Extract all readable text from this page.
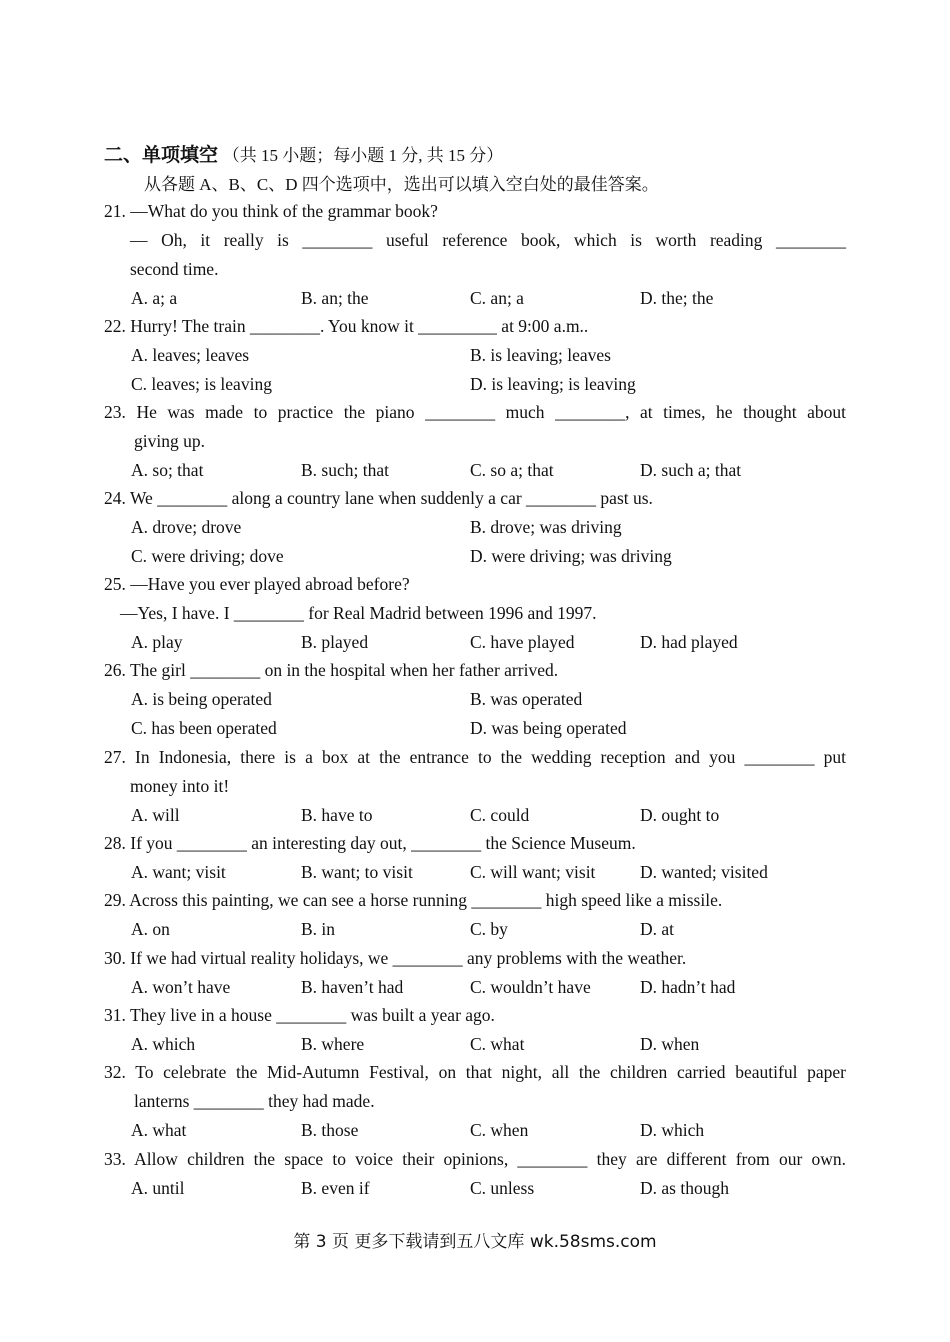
二、单项填空 （共 15 小题；每小题 1 分, 共 15 分）
从各题 A、B、C、D 四个选项中，选出可以填入空白处的最佳答案。
21. —What do you think of the grammar book?
— Oh, it really is ________ useful reference book, which is worth reading ________
second time.
A. a; a	B. an; the	C. an; a	D. the; the
22. Hurry! The train ________. You know it _________ at 9:00 a.m..
A. leaves; leaves	B. is leaving; leaves
C. leaves; is leaving	D. is leaving; is leaving
23. He was made to practice the piano ________ much ________, at times, he thought about
giving up.
A. so; that	B. such; that	C. so a; that	D. such a; that
24. We ________ along a country lane when suddenly a car ________ past us.
A. drove; drove	B. drove; was driving
C. were driving; dove	D. were driving; was driving
25. —Have you ever played abroad before?
—Yes, I have. I ________ for Real Madrid between 1996 and 1997.
A. play	B. played	C. have played	D. had played
26. The girl ________ on in the hospital when her father arrived.
A. is being operated	B. was operated
C. has been operated	D. was being operated
27. In Indonesia, there is a box at the entrance to the wedding reception and you ________ put
money into it!
A. will	B. have to	C. could	D. ought to
28. If you ________ an interesting day out, ________ the Science Museum.
A. want; visit	B. want; to visit	C. will want; visit	D. wanted; visited
29. Across this painting, we can see a horse running ________ high speed like a missile.
A. on	B. in	C. by	D. at
30. If we had virtual reality holidays, we ________ any problems with the weather.
A. won’t have	B. haven’t had	C. wouldn’t have	D. hadn’t had
31. They live in a house ________ was built a year ago.
A. which	B. where	C. what	D. when
32. To celebrate the Mid-Autumn Festival, on that night, all the children carried beautiful paper
lanterns ________ they had made.
A. what	B. those	C. when	D. which
33. Allow children the space to voice their opinions, ________ they are different from our own.
A. until	B. even if	C. unless	D. as though
第 3 页 更多下载请到五八文库 wk.58sms.com
